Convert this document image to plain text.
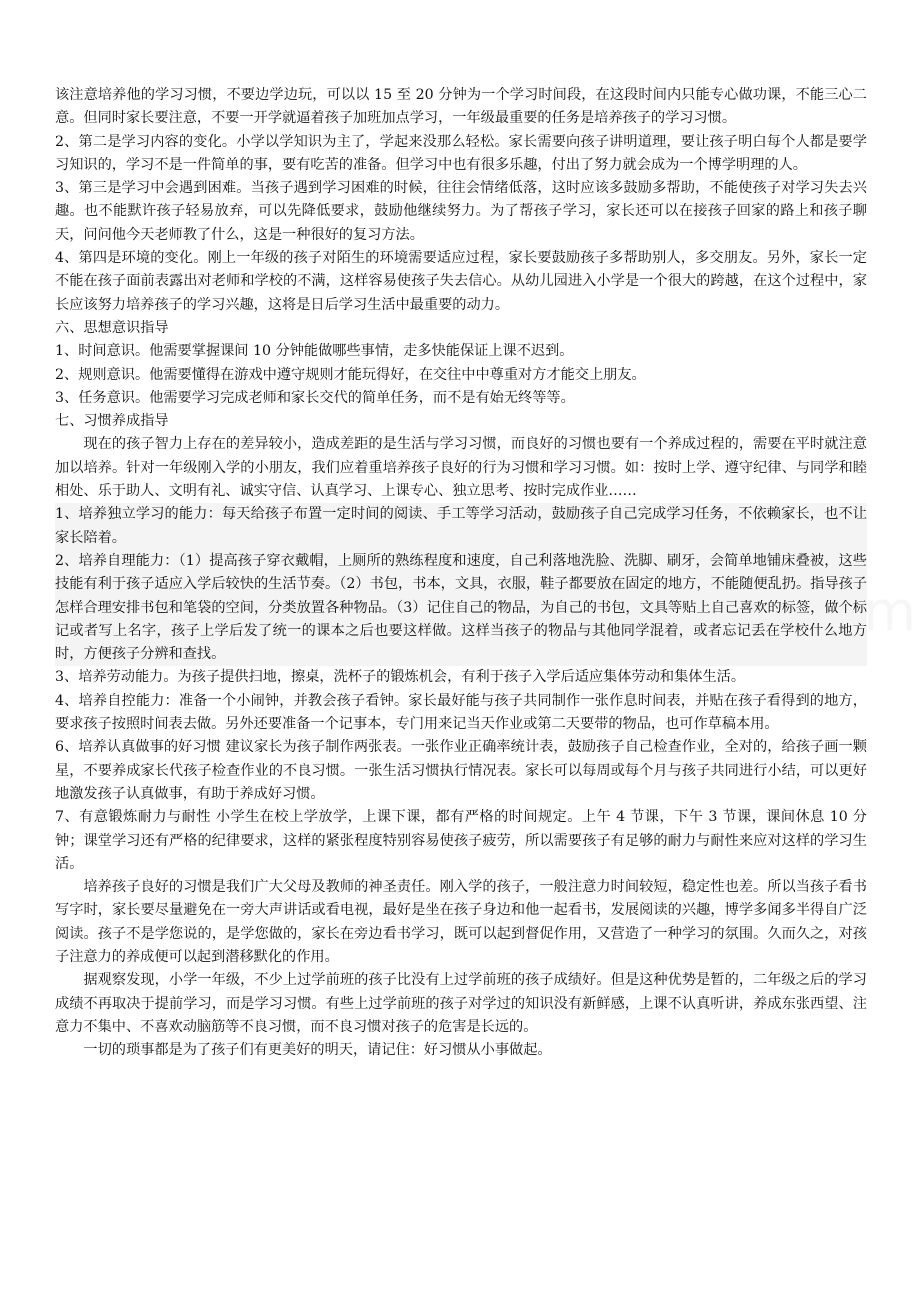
该注意培养他的学习习惯，不要边学边玩，可以以 15 至 20 分钟为一个学习时间段，在这段时间内只能专心做功课，不能三心二意。但同时家长要注意，不要一开学就逼着孩子加班加点学习，一年级最重要的任务是培养孩子的学习习惯。

2、第二是学习内容的变化。小学以学知识为主了，学起来没那么轻松。家长需要向孩子讲明道理，要让孩子明白每个人都是要学习知识的，学习不是一件简单的事，要有吃苦的准备。但学习中也有很多乐趣，付出了努力就会成为一个博学明理的人。

3、第三是学习中会遇到困难。当孩子遇到学习困难的时候，往往会情绪低落，这时应该多鼓励多帮助，不能使孩子对学习失去兴趣。也不能默许孩子轻易放弃，可以先降低要求，鼓励他继续努力。为了帮孩子学习，家长还可以在接孩子回家的路上和孩子聊天，问问他今天老师教了什么，这是一种很好的复习方法。

4、第四是环境的变化。刚上一年级的孩子对陌生的环境需要适应过程，家长要鼓励孩子多帮助别人，多交朋友。另外，家长一定不能在孩子面前表露出对老师和学校的不满，这样容易使孩子失去信心。从幼儿园进入小学是一个很大的跨越，在这个过程中，家长应该努力培养孩子的学习兴趣，这将是日后学习生活中最重要的动力。

六、思想意识指导

1、时间意识。他需要掌握课间 10 分钟能做哪些事情，走多快能保证上课不迟到。

2、规则意识。他需要懂得在游戏中遵守规则才能玩得好，在交往中中尊重对方才能交上朋友。

3、任务意识。他需要学习完成老师和家长交代的简单任务，而不是有始无终等等。

七、习惯养成指导

现在的孩子智力上存在的差异较小，造成差距的是生活与学习习惯，而良好的习惯也要有一个养成过程的，需要在平时就注意加以培养。针对一年级刚入学的小朋友，我们应着重培养孩子良好的行为习惯和学习习惯。如：按时上学、遵守纪律、与同学和睦相处、乐于助人、文明有礼、诚实守信、认真学习、上课专心、独立思考、按时完成作业……

1、培养独立学习的能力：每天给孩子布置一定时间的阅读、手工等学习活动，鼓励孩子自己完成学习任务，不依赖家长，也不让家长陪着。

2、培养自理能力：（1）提高孩子穿衣戴帽，上厕所的熟练程度和速度，自己利落地洗脸、洗脚、刷牙，会简单地铺床叠被，这些技能有利于孩子适应入学后较快的生活节奏。（2）书包，书本，文具，衣服，鞋子都要放在固定的地方，不能随便乱扔。指导孩子怎样合理安排书包和笔袋的空间，分类放置各种物品。（3）记住自己的物品，为自己的书包，文具等贴上自己喜欢的标签，做个标记或者写上名字，孩子上学后发了统一的课本之后也要这样做。这样当孩子的物品与其他同学混着，或者忘记丢在学校什么地方时，方便孩子分辨和查找。

3、培养劳动能力。为孩子提供扫地，擦桌，洗杯子的锻炼机会，有利于孩子入学后适应集体劳动和集体生活。

4、培养自控能力：准备一个小闹钟，并教会孩子看钟。家长最好能与孩子共同制作一张作息时间表，并贴在孩子看得到的地方，要求孩子按照时间表去做。另外还要准备一个记事本，专门用来记当天作业或第二天要带的物品，也可作草稿本用。

6、培养认真做事的好习惯 建议家长为孩子制作两张表。一张作业正确率统计表，鼓励孩子自己检查作业，全对的，给孩子画一颗星，不要养成家长代孩子检查作业的不良习惯。一张生活习惯执行情况表。家长可以每周或每个月与孩子共同进行小结，可以更好地激发孩子认真做事，有助于养成好习惯。

7、有意锻炼耐力与耐性 小学生在校上学放学，上课下课，都有严格的时间规定。上午 4 节课，下午 3 节课，课间休息 10 分钟；课堂学习还有严格的纪律要求，这样的紧张程度特别容易使孩子疲劳，所以需要孩子有足够的耐力与耐性来应对这样的学习生活。

培养孩子良好的习惯是我们广大父母及教师的神圣责任。刚入学的孩子，一般注意力时间较短，稳定性也差。所以当孩子看书写字时，家长要尽量避免在一旁大声讲话或看电视，最好是坐在孩子身边和他一起看书，发展阅读的兴趣，博学多闻多半得自广泛阅读。孩子不是学您说的，是学您做的，家长在旁边看书学习，既可以起到督促作用，又营造了一种学习的氛围。久而久之，对孩子注意力的养成便可以起到潜移默化的作用。

据观察发现，小学一年级，不少上过学前班的孩子比没有上过学前班的孩子成绩好。但是这种优势是暂的，二年级之后的学习成绩不再取决于提前学习，而是学习习惯。有些上过学前班的孩子对学过的知识没有新鲜感，上课不认真听讲，养成东张西望、注意力不集中、不喜欢动脑筋等不良习惯，而不良习惯对孩子的危害是长远的。

一切的琐事都是为了孩子们有更美好的明天，请记住：好习惯从小事做起。
